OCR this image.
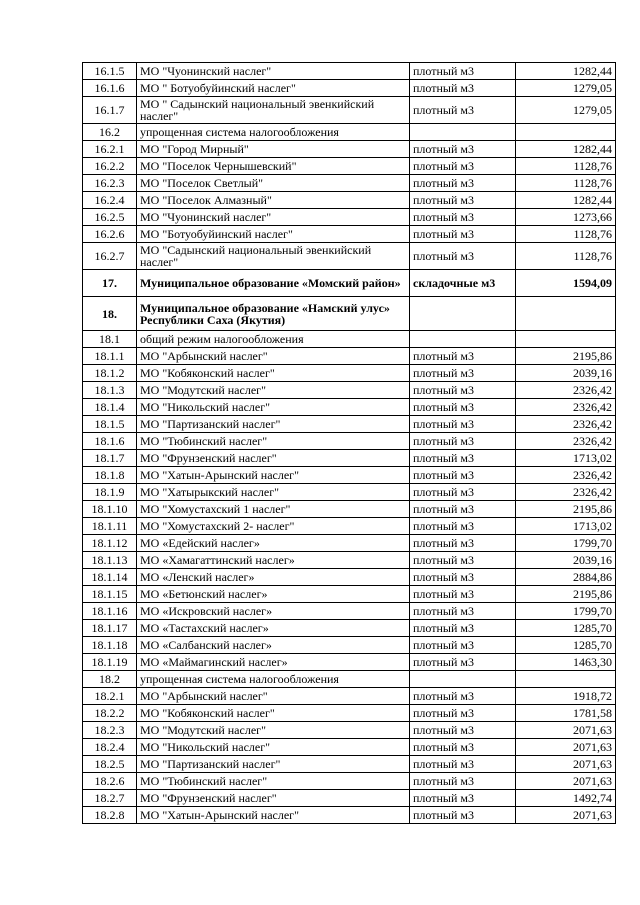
16.1.5	МО "Чуонинский наслег"	плотный м3	1282,44
16.1.6	МО " Ботуобуйинский наслег"	плотный м3	1279,05
16.1.7	МО " Садынский национальный эвенкийский наслег"	плотный м3	1279,05
16.2	упрощенная система налогообложения		
16.2.1	МО "Город Мирный"	плотный м3	1282,44
16.2.2	МО "Поселок Чернышевский"	плотный м3	1128,76
16.2.3	МО "Поселок Светлый"	плотный м3	1128,76
16.2.4	МО "Поселок Алмазный"	плотный м3	1282,44
16.2.5	МО "Чуонинский наслег"	плотный м3	1273,66
16.2.6	МО "Ботуобуйинский наслег"	плотный м3	1128,76
16.2.7	МО "Садынский национальный эвенкийский наслег"	плотный м3	1128,76
17.	Муниципальное образование «Момский район»	складочные м3	1594,09
18.	Муниципальное образование «Намский улус» Республики Саха (Якутия)		
18.1	общий режим налогообложения		
18.1.1	МО "Арбынский наслег"	плотный м3	2195,86
18.1.2	МО "Кобяконский наслег"	плотный м3	2039,16
18.1.3	МО "Модутский наслег"	плотный м3	2326,42
18.1.4	МО "Никольский наслег"	плотный м3	2326,42
18.1.5	МО "Партизанский наслег"	плотный м3	2326,42
18.1.6	МО "Тюбинский наслег"	плотный м3	2326,42
18.1.7	МО "Фрунзенский наслег"	плотный м3	1713,02
18.1.8	МО "Хатын-Арынский наслег"	плотный м3	2326,42
18.1.9	МО "Хатырыкский наслег"	плотный м3	2326,42
18.1.10	МО "Хомустахский 1 наслег"	плотный м3	2195,86
18.1.11	МО "Хомустахский 2- наслег"	плотный м3	1713,02
18.1.12	МО «Едейский наслег»	плотный м3	1799,70
18.1.13	МО «Хамагаттинский наслег»	плотный м3	2039,16
18.1.14	МО «Ленский наслег»	плотный м3	2884,86
18.1.15	МО «Бетюнский наслег»	плотный м3	2195,86
18.1.16	МО «Искровский наслег»	плотный м3	1799,70
18.1.17	МО «Тастахский наслег»	плотный м3	1285,70
18.1.18	МО «Салбанский наслег»	плотный м3	1285,70
18.1.19	МО «Маймагинский наслег»	плотный м3	1463,30
18.2	упрощенная система налогообложения		
18.2.1	МО "Арбынский наслег"	плотный м3	1918,72
18.2.2	МО "Кобяконский наслег"	плотный м3	1781,58
18.2.3	МО "Модутский наслег"	плотный м3	2071,63
18.2.4	МО "Никольский наслег"	плотный м3	2071,63
18.2.5	МО "Партизанский наслег"	плотный м3	2071,63
18.2.6	МО "Тюбинский наслег"	плотный м3	2071,63
18.2.7	МО "Фрунзенский наслег"	плотный м3	1492,74
18.2.8	МО "Хатын-Арынский наслег"	плотный м3	2071,63
